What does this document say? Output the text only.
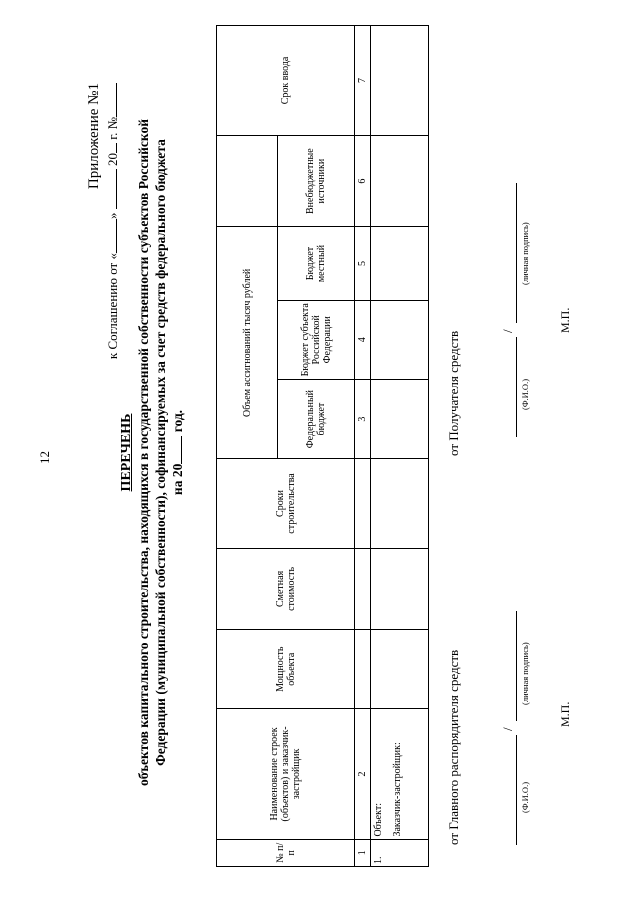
12
Приложение №1
к Соглашению от «»  20 г. №
ПЕРЕЧЕНЬ объектов капитального строительства, находящихся в государственной собственности субъектов Российской Федерации (муниципальной собственности), софинансируемых за счет средств федерального бюджета на 20 год.
№ п/п	Наименование строек (объектов) и заказчик-застройщик	Мощность объекта	Сметная стоимость	Сроки строительства	Объем ассигнований тысяч рублей				Срок ввода
					Федеральный бюджет	Бюджет субъекта Российской Федерации	Бюджет местный	Внебюджетные источники	
1	2				3	4	5	6	7
1.	Объект: Заказчик-застройщик:								
									от Главного распорядителя средств	/
(Ф.И.О.)
(личная подпись)
М.П.
от Получателя средств	/
(Ф.И.О.)
(личная подпись)
М.П.
